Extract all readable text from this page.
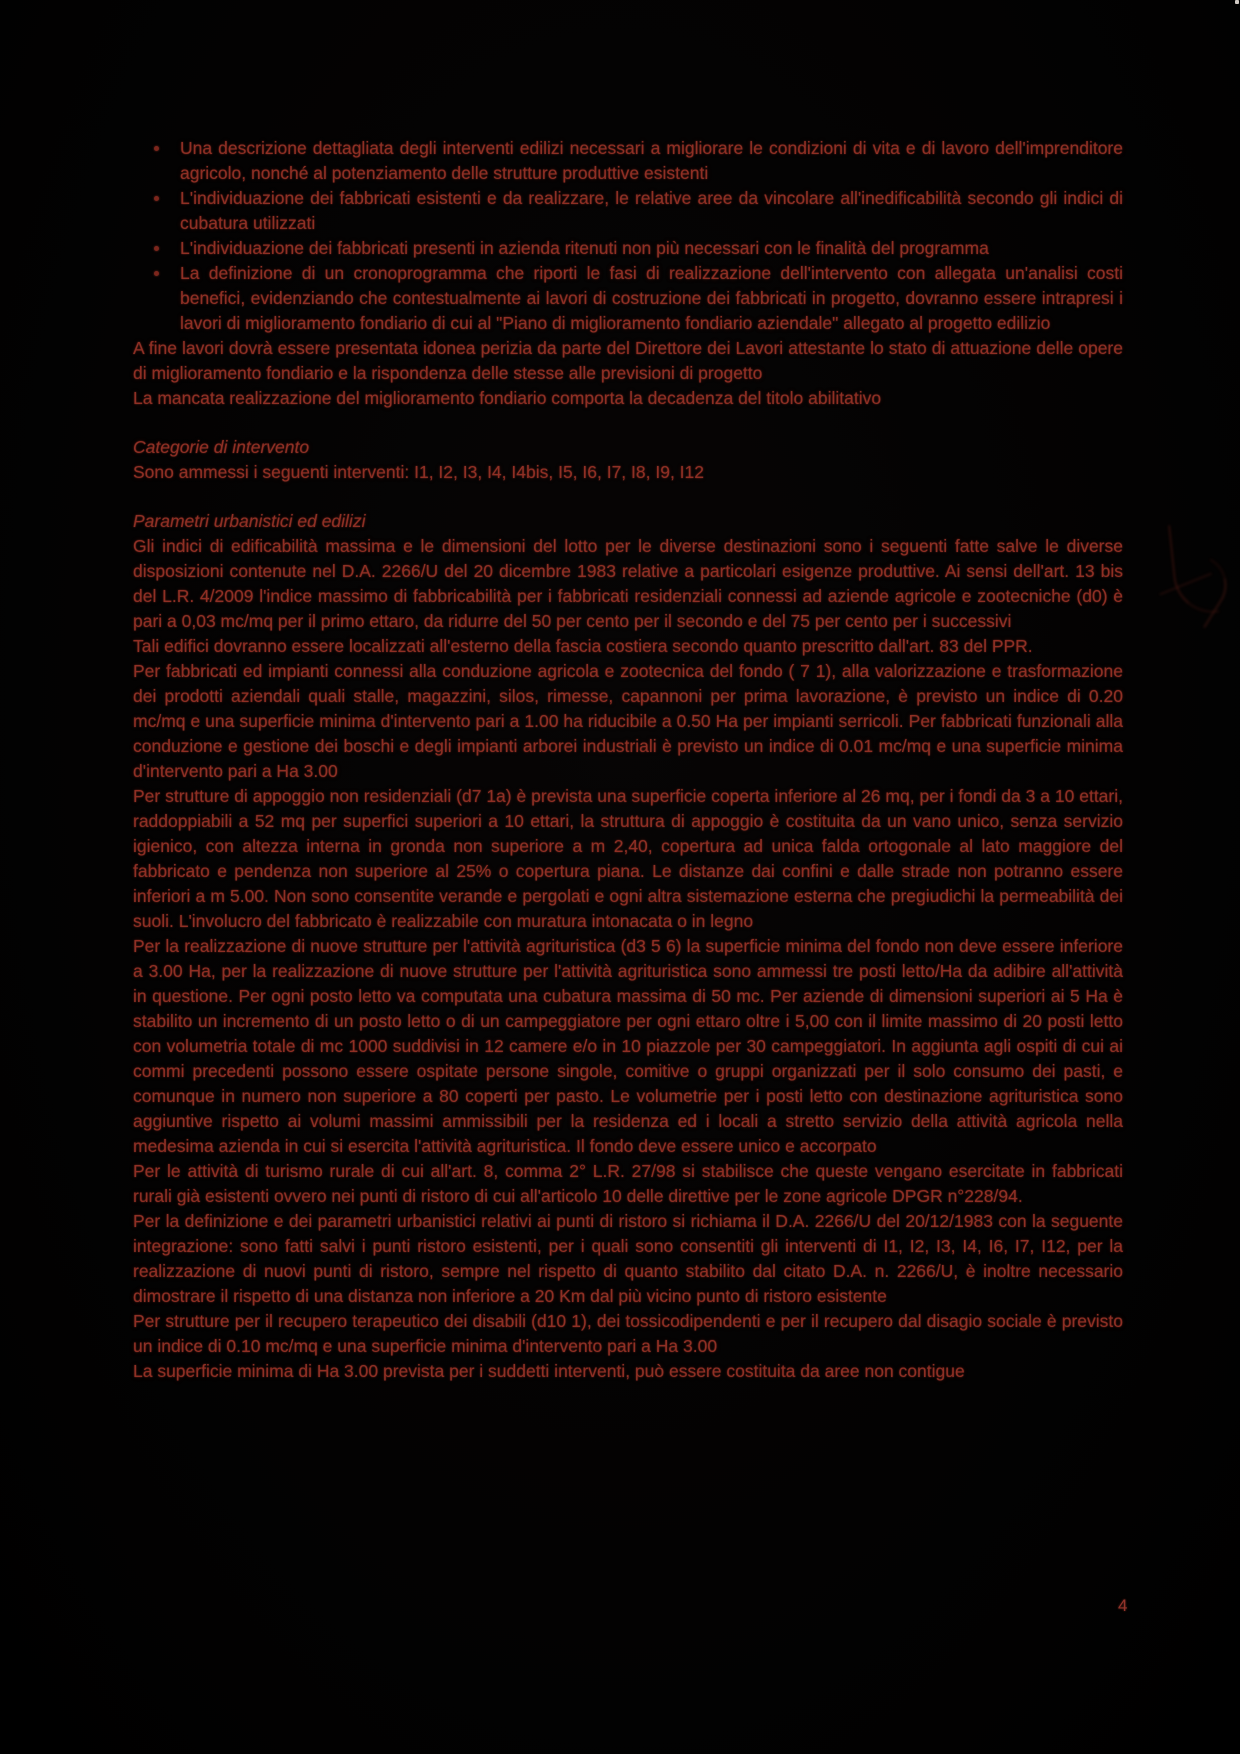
Una descrizione dettagliata degli interventi edilizi necessari a migliorare le condizioni di vita e di lavoro dell'imprenditore agricolo, nonché al potenziamento delle strutture produttive esistenti
L'individuazione dei fabbricati esistenti e da realizzare, le relative aree da vincolare all'inedificabilità secondo gli indici di cubatura utilizzati
L'individuazione dei fabbricati presenti in azienda ritenuti non più necessari con le finalità del programma
La definizione di un cronoprogramma che riporti le fasi di realizzazione dell'intervento con allegata un'analisi costi benefici, evidenziando che contestualmente ai lavori di costruzione dei fabbricati in progetto, dovranno essere intrapresi i lavori di miglioramento fondiario di cui al "Piano di miglioramento fondiario aziendale" allegato al progetto edilizio

A fine lavori dovrà essere presentata idonea perizia da parte del Direttore dei Lavori attestante lo stato di attuazione delle opere di miglioramento fondiario e la rispondenza delle stesse alle previsioni di progetto

La mancata realizzazione del miglioramento fondiario comporta la decadenza del titolo abilitativo

Categorie di intervento

Sono ammessi i seguenti interventi: I1, I2, I3, I4, I4bis, I5, I6, I7, I8, I9, I12

Parametri urbanistici ed edilizi

Gli indici di edificabilità massima e le dimensioni del lotto per le diverse destinazioni sono i seguenti fatte salve le diverse disposizioni contenute nel D.A. 2266/U del 20 dicembre 1983 relative a particolari esigenze produttive. Ai sensi dell'art. 13 bis del L.R. 4/2009 l'indice massimo di fabbricabilità per i fabbricati residenziali connessi ad aziende agricole e zootecniche (d0) è pari a 0,03 mc/mq per il primo ettaro, da ridurre del 50 per cento per il secondo e del 75 per cento per i successivi

Tali edifici dovranno essere localizzati all'esterno della fascia costiera secondo quanto prescritto dall'art. 83 del PPR.

Per fabbricati ed impianti connessi alla conduzione agricola e zootecnica del fondo ( 7 1), alla valorizzazione e trasformazione dei prodotti aziendali quali stalle, magazzini, silos, rimesse, capannoni per prima lavorazione, è previsto un indice di 0.20 mc/mq e una superficie minima d'intervento pari a 1.00 ha riducibile a 0.50 Ha per impianti serricoli. Per fabbricati funzionali alla conduzione e gestione dei boschi e degli impianti arborei industriali è previsto un indice di 0.01 mc/mq e una superficie minima d'intervento pari a Ha 3.00

Per strutture di appoggio non residenziali (d7 1a) è prevista una superficie coperta inferiore al 26 mq, per i fondi da 3 a 10 ettari, raddoppiabili a 52 mq per superfici superiori a 10 ettari, la struttura di appoggio è costituita da un vano unico, senza servizio igienico, con altezza interna in gronda non superiore a m 2,40, copertura ad unica falda ortogonale al lato maggiore del fabbricato e pendenza non superiore al 25% o copertura piana. Le distanze dai confini e dalle strade non potranno essere inferiori a m 5.00. Non sono consentite verande e pergolati e ogni altra sistemazione esterna che pregiudichi la permeabilità dei suoli. L'involucro del fabbricato è realizzabile con muratura intonacata o in legno

Per la realizzazione di nuove strutture per l'attività agrituristica (d3 5 6) la superficie minima del fondo non deve essere inferiore a 3.00 Ha, per la realizzazione di nuove strutture per l'attività agrituristica sono ammessi tre posti letto/Ha da adibire all'attività in questione. Per ogni posto letto va computata una cubatura massima di 50 mc. Per aziende di dimensioni superiori ai 5 Ha è stabilito un incremento di un posto letto o di un campeggiatore per ogni ettaro oltre i 5,00 con il limite massimo di 20 posti letto con volumetria totale di mc 1000 suddivisi in 12 camere e/o in 10 piazzole per 30 campeggiatori. In aggiunta agli ospiti di cui ai commi precedenti possono essere ospitate persone singole, comitive o gruppi organizzati per il solo consumo dei pasti, e comunque in numero non superiore a 80 coperti per pasto. Le volumetrie per i posti letto con destinazione agrituristica sono aggiuntive rispetto ai volumi massimi ammissibili per la residenza ed i locali a stretto servizio della attività agricola nella medesima azienda in cui si esercita l'attività agrituristica. Il fondo deve essere unico e accorpato

Per le attività di turismo rurale di cui all'art. 8, comma 2° L.R. 27/98 si stabilisce che queste vengano esercitate in fabbricati rurali già esistenti ovvero nei punti di ristoro di cui all'articolo 10 delle direttive per le zone agricole DPGR n°228/94.

Per la definizione e dei parametri urbanistici relativi ai punti di ristoro si richiama il D.A. 2266/U del 20/12/1983 con la seguente integrazione: sono fatti salvi i punti ristoro esistenti, per i quali sono consentiti gli interventi di I1, I2, I3, I4, I6, I7, I12, per la realizzazione di nuovi punti di ristoro, sempre nel rispetto di quanto stabilito dal citato D.A. n. 2266/U, è inoltre necessario dimostrare il rispetto di una distanza non inferiore a 20 Km dal più vicino punto di ristoro esistente

Per strutture per il recupero terapeutico dei disabili (d10 1), dei tossicodipendenti e per il recupero dal disagio sociale è previsto un indice di 0.10 mc/mq e una superficie minima d'intervento pari a Ha 3.00

La superficie minima di Ha 3.00 prevista per i suddetti interventi, può essere costituita da aree non contigue

4
